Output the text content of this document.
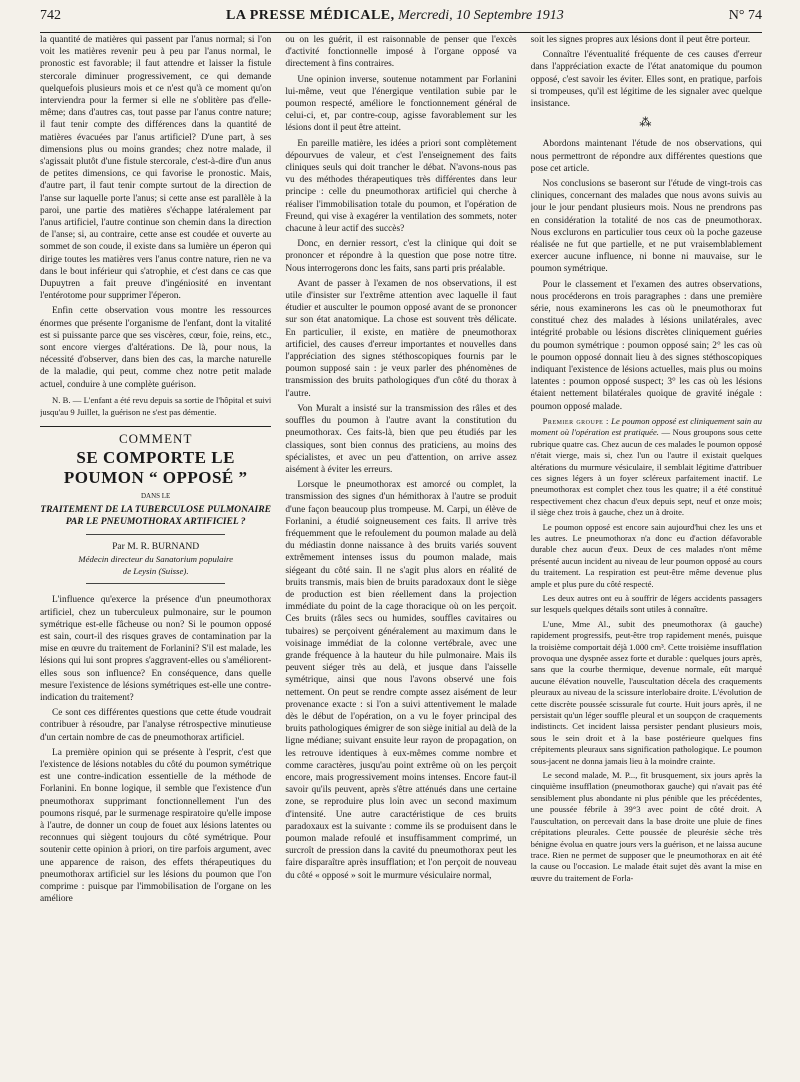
742	LA PRESSE MÉDICALE, Mercredi, 10 Septembre 1913	N° 74

la quantité de matières qui passent par l'anus normal; si l'on voit les matières revenir peu à peu par l'anus normal, le pronostic est favorable; il faut attendre et laisser la fistule stercorale diminuer progressivement, ce qui demande quelquefois plusieurs mois et ce n'est qu'à ce moment qu'on interviendra pour la fermer si elle ne s'oblitère pas d'elle-même; dans d'autres cas, tout passe par l'anus contre nature; il faut tenir compte des différences dans la quantité de matières évacuées par l'anus artificiel? D'une part, à ses dimensions plus ou moins grandes; chez notre malade, il s'agissait plutôt d'une fistule stercorale, c'est-à-dire d'un anus de petites dimensions, ce qui favorise le pronostic. Mais, d'autre part, il faut tenir compte surtout de la direction de l'anse sur laquelle porte l'anus; si cette anse est parallèle à la paroi, une partie des matières s'échappe latéralement par l'anus artificiel, l'autre continue son chemin dans la direction de l'anse; si, au contraire, cette anse est coudée et ouverte au sommet de son coude, il existe dans sa lumière un éperon qui dirige toutes les matières vers l'anus contre nature, rien ne va dans le bout inférieur qui s'atrophie, et c'est dans ce cas que Dupuytren a fait preuve d'ingéniosité en inventant l'entérotome pour supprimer l'éperon.

Enfin cette observation vous montre les ressources énormes que présente l'organisme de l'enfant, dont la vitalité est si puissante parce que ses viscères, cœur, foie, reins, etc., sont encore vierges d'altérations. De là, pour nous, la nécessité d'observer, dans bien des cas, la marche naturelle de la maladie, qui peut, comme chez notre petit malade actuel, conduire à une complète guérison.

N. B. — L'enfant a été revu depuis sa sortie de l'hôpital et suivi jusqu'au 9 Juillet, la guérison ne s'est pas démentie.

COMMENT
SE COMPORTE LE POUMON “ OPPOSÉ ”
DANS LE
TRAITEMENT DE LA TUBERCULOSE PULMONAIRE
PAR LE PNEUMOTHORAX ARTIFICIEL ?
Par M. R. BURNAND
Médecin directeur du Sanatorium populaire
de Leysin (Suisse).

L'influence qu'exerce la présence d'un pneumothorax artificiel, chez un tuberculeux pulmonaire, sur le poumon symétrique est-elle fâcheuse ou non? Si le poumon opposé est sain, court-il des risques graves de contamination par la mise en œuvre du traitement de Forlanini? S'il est malade, les lésions qui lui sont propres s'aggravent-elles ou s'améliorent-elles sous son influence? En conséquence, dans quelle mesure l'existence de lésions symétriques est-elle une contre-indication du traitement?

Ce sont ces différentes questions que cette étude voudrait contribuer à résoudre, par l'analyse rétrospective minutieuse d'un certain nombre de cas de pneumothorax artificiel.

La première opinion qui se présente à l'esprit, c'est que l'existence de lésions notables du côté du poumon symétrique est une contre-indication essentielle de la méthode de Forlanini. En bonne logique, il semble que l'existence d'un pneumothorax supprimant fonctionnellement l'un des poumons risqué, par le surmenage respiratoire qu'elle impose à l'autre, de donner un coup de fouet aux lésions latentes ou reconnues qui siègent toujours du côté symétrique. Pour soutenir cette opinion à priori, on tire parfois argument, avec une apparence de raison, des effets thérapeutiques du pneumothorax artificiel sur les lésions du poumon que l'on comprime : puisque par l'immobilisation de l'organe on les améliore

ou on les guérit, il est raisonnable de penser que l'excès d'activité fonctionnelle imposé à l'organe opposé va directement à fins contraires.

Une opinion inverse, soutenue notamment par Forlanini lui-même, veut que l'énergique ventilation subie par le poumon respecté, améliore le fonctionnement général de celui-ci, et, par contre-coup, agisse favorablement sur les lésions dont il peut être atteint.

En pareille matière, les idées a priori sont complètement dépourvues de valeur, et c'est l'enseignement des faits cliniques seuls qui doit trancher le débat. N'avons-nous pas vu des méthodes thérapeutiques très différentes dans leur principe : celle du pneumothorax artificiel qui cherche à réaliser l'immobilisation totale du poumon, et l'opération de Freund, qui vise à exagérer la ventilation des sommets, noter chacune à leur actif des succès?

Donc, en dernier ressort, c'est la clinique qui doit se prononcer et répondre à la question que pose notre titre. Nous interrogerons donc les faits, sans parti pris préalable.

Avant de passer à l'examen de nos observations, il est utile d'insister sur l'extrême attention avec laquelle il faut étudier et ausculter le poumon opposé avant de se prononcer sur son état anatomique. La chose est souvent très délicate. En particulier, il existe, en matière de pneumothorax artificiel, des causes d'erreur importantes et nouvelles dans l'appréciation des signes stéthoscopiques fournis par le poumon supposé sain : je veux parler des phénomènes de transmission des bruits pathologiques d'un côté du thorax à l'autre.

Von Muralt a insisté sur la transmission des râles et des souffles du poumon à l'autre avant la constitution du pneumothorax. Ces faits-là, bien que peu étudiés par les classiques, sont bien connus des praticiens, au moins des spécialistes, et avec un peu d'attention, on arrive assez aisément à éviter les erreurs.

Lorsque le pneumothorax est amorcé ou complet, la transmission des signes d'un hémithorax à l'autre se produit d'une façon beaucoup plus trompeuse. M. Carpi, un élève de Forlanini, a étudié soigneusement ces faits. Il arrive très fréquemment que le refoulement du poumon malade au delà du médiastin donne naissance à des bruits variés souvent extrêmement intenses issus du poumon malade, mais siégeant du côté sain. Il ne s'agit plus alors en réalité de bruits transmis, mais bien de bruits paradoxaux dont le siège de production est bien réellement dans la projection immédiate du point de la cage thoracique où on les perçoit. Ces bruits (râles secs ou humides, souffles cavitaires ou tubaires) se perçoivent généralement au maximum dans le voisinage immédiat de la colonne vertébrale, avec une grande fréquence à la hauteur du hile pulmonaire. Mais ils peuvent siéger très au delà, et jusque dans l'aisselle symétrique, ainsi que nous l'avons observé une fois nettement. On peut se rendre compte assez aisément de leur provenance exacte : si l'on a suivi attentivement le malade dès le début de l'opération, on a vu le foyer principal des bruits pathologiques émigrer de son siège initial au delà de la ligne médiane; suivant ensuite leur rayon de propagation, on les retrouve identiques à eux-mêmes comme nombre et comme caractères, jusqu'au point extrême où on les perçoit encore, mais progressivement moins intenses. Encore faut-il savoir qu'ils peuvent, après s'être atténués dans une certaine zone, se reproduire plus loin avec un second maximum d'intensité. Une autre caractéristique de ces bruits paradoxaux est la suivante : comme ils se produisent dans le poumon malade refoulé et insuffisamment comprimé, un surcroît de pression dans la cavité du pneumothorax peut les faire disparaître après insufflation; et l'on perçoit de nouveau du côté « opposé » soit le murmure vésiculaire normal,

soit les signes propres aux lésions dont il peut être porteur.

Connaître l'éventualité fréquente de ces causes d'erreur dans l'appréciation exacte de l'état anatomique du poumon opposé, c'est savoir les éviter. Elles sont, en pratique, parfois si trompeuses, qu'il est légitime de les signaler avec quelque insistance.

⁂

Abordons maintenant l'étude de nos observations, qui nous permettront de répondre aux différentes questions que pose cet article.

Nos conclusions se baseront sur l'étude de vingt-trois cas cliniques, concernant des malades que nous avons suivis au jour le jour pendant plusieurs mois. Nous ne prendrons pas en considération la totalité de nos cas de pneumothorax. Nous exclurons en particulier tous ceux où la poche gazeuse réalisée ne fut que partielle, et ne put vraisemblablement exercer aucune influence, ni bonne ni mauvaise, sur le poumon symétrique.

Pour le classement et l'examen des autres observations, nous procéderons en trois paragraphes : dans une première série, nous examinerons les cas où le pneumothorax fut constitué chez des malades à lésions unilatérales, avec intégrité probable ou lésions discrètes cliniquement guéries du poumon symétrique : poumon opposé sain; 2° les cas où le poumon opposé donnait lieu à des signes stéthoscopiques indiquant l'existence de lésions actuelles, mais plus ou moins latentes : poumon opposé suspect; 3° les cas où les lésions étaient nettement bilatérales quoique de gravité inégale : poumon opposé malade.

Premier groupe : Le poumon opposé est cliniquement sain au moment où l'opération est pratiquée. — Nous groupons sous cette rubrique quatre cas. Chez aucun de ces malades le poumon opposé n'était vierge, mais si, chez l'un ou l'autre il existait quelques altérations du murmure vésiculaire, il semblait légitime d'attribuer ces signes légers à un foyer scléreux parfaitement inactif. Le pneumothorax est complet chez tous les quatre; il a été constitué respectivement chez chacun d'eux depuis sept, neuf et onze mois; il siège chez trois à gauche, chez un à droite.

Le poumon opposé est encore sain aujourd'hui chez les uns et les autres. Le pneumothorax n'a donc eu d'action défavorable durable chez aucun d'eux. Deux de ces malades n'ont même présenté aucun incident au niveau de leur poumon opposé au cours du traitement. La respiration est peut-être même devenue plus ample et plus pure du côté respecté.

Les deux autres ont eu à souffrir de légers accidents passagers sur lesquels quelques détails sont utiles à connaître.

L'une, Mme Al., subit des pneumothorax (à gauche) rapidement progressifs, peut-être trop rapidement menés, puisque la troisième comportait déjà 1.000 cm³. Cette troisième insufflation provoqua une dyspnée assez forte et durable : quelques jours après, sans que la courbe thermique, devenue normale, eût marqué aucune élévation nouvelle, l'auscultation décela des craquements pleuraux au niveau de la scissure interlobaire droite. L'évolution de cette discrète poussée scissurale fut courte. Huit jours après, il ne persistait qu'un léger souffle pleural et un soupçon de craquements indistincts. Cet incident laissa persister pendant plusieurs mois, sous le sein droit et à la base postérieure quelques fins crépitements pleuraux sans signification pathologique. Le poumon sous-jacent ne donna jamais lieu à la moindre crainte.

Le second malade, M. P..., fit brusquement, six jours après la cinquième insufflation (pneumothorax gauche) qui n'avait pas été sensiblement plus abondante ni plus pénible que les précédentes, une poussée fébrile à 39°3 avec point de côté droit. A l'auscultation, on percevait dans la base droite une pluie de fines crépitations pleurales. Cette poussée de pleurésie sèche très bénigne évolua en quatre jours vers la guérison, et ne laissa aucune trace. Rien ne permet de supposer que le pneumothorax en ait été la cause ou l'occasion. Le malade était sujet dès avant la mise en œuvre du traitement de Forla-
